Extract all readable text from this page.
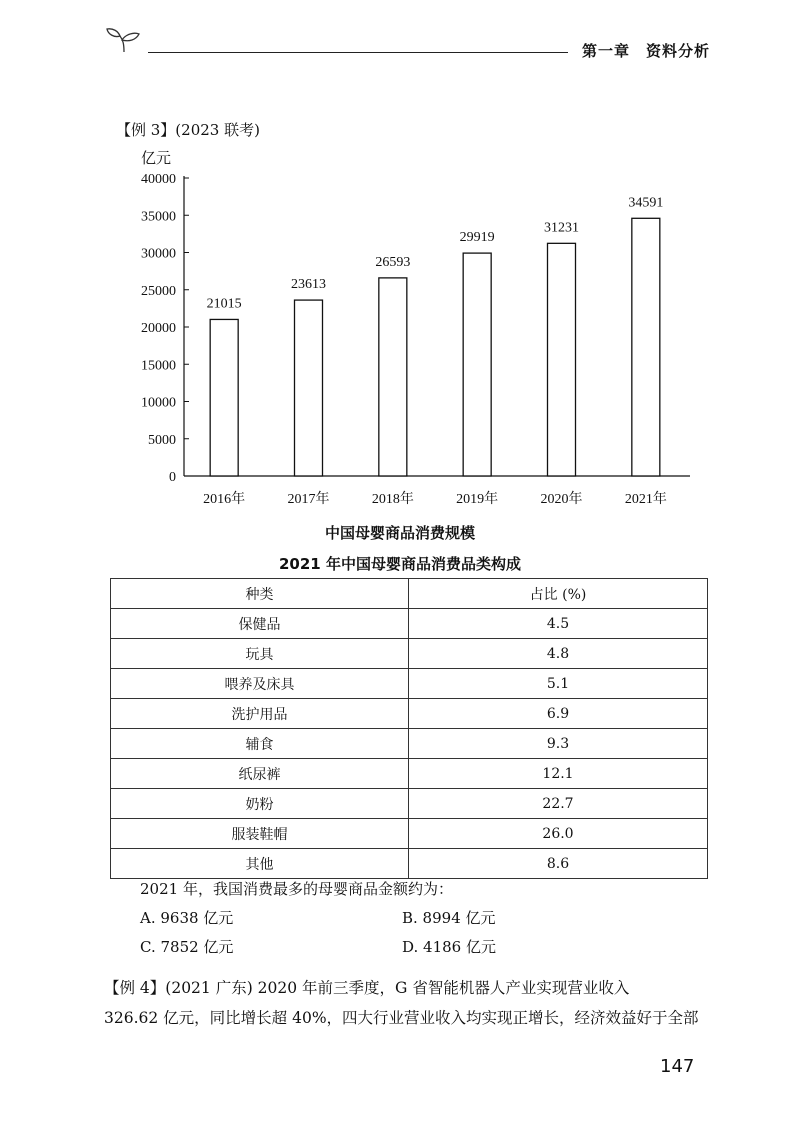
第一章　资料分析
【例 3】(2023 联考)
亿元
0
5000
10000
15000
20000
25000
30000
35000
40000
21015
2016年
23613
2017年
26593
2018年
29919
2019年
31231
2020年
34591
2021年
中国母婴商品消费规模
2021 年中国母婴商品消费品类构成
种类	占比 (%)
保健品	4.5
玩具	4.8
喂养及床具	5.1
洗护用品	6.9
辅食	9.3
纸尿裤	12.1
奶粉	22.7
服装鞋帽	26.0
其他	8.6
2021 年，我国消费最多的母婴商品金额约为：
A. 9638 亿元	B. 8994 亿元
C. 7852 亿元	D. 4186 亿元
【例 4】(2021 广东) 2020 年前三季度，G 省智能机器人产业实现营业收入
326.62 亿元，同比增长超 40%，四大行业营业收入均实现正增长，经济效益好于全部
147
